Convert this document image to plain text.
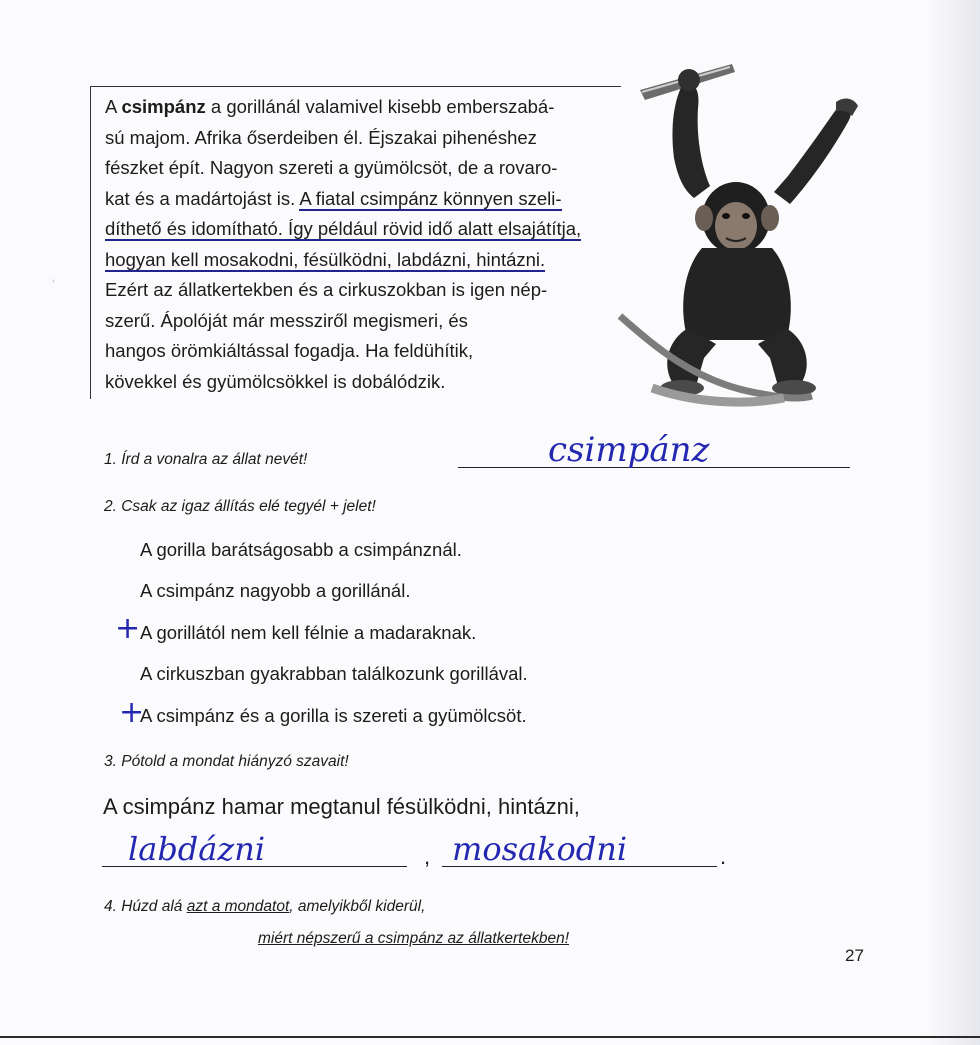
'

A csimpánz a gorillánál valamivel kisebb emberszabá-
sú majom. Afrika őserdeiben él. Éjszakai pihenéshez
fészket épít. Nagyon szereti a gyümölcsöt, de a rovaro-
kat és a madártojást is. A fiatal csimpánz könnyen szeli-
díthető és idomítható. Így például rövid idő alatt elsajátítja,
hogyan kell mosakodni, fésülködni, labdázni, hintázni.
Ezért az állatkertekben és a cirkuszokban is igen nép-
szerű. Ápolóját már messziről megismeri, és
hangos örömkiáltással fogadja. Ha feldühítik,
kövekkel és gyümölcsökkel is dobálódzik.

1. Írd a vonalra az állat nevét!	csimpánz
2. Csak az igaz állítás elé tegyél + jelet!
A gorilla barátságosabb a csimpánznál.
A csimpánz nagyobb a gorillánál.
+ A gorillától nem kell félnie a madaraknak.
A cirkuszban gyakrabban találkozunk gorillával.
+
A csimpánz és a gorilla is szereti a gyümölcsöt.
3. Pótold a mondat hiányzó szavait!
A csimpánz hamar megtanul fésülködni, hintázni,
labdázni	, mosakodni	.
4. Húzd alá azt a mondatot, amelyikből kiderül,
miért népszerű a csimpánz az állatkertekben!
27
